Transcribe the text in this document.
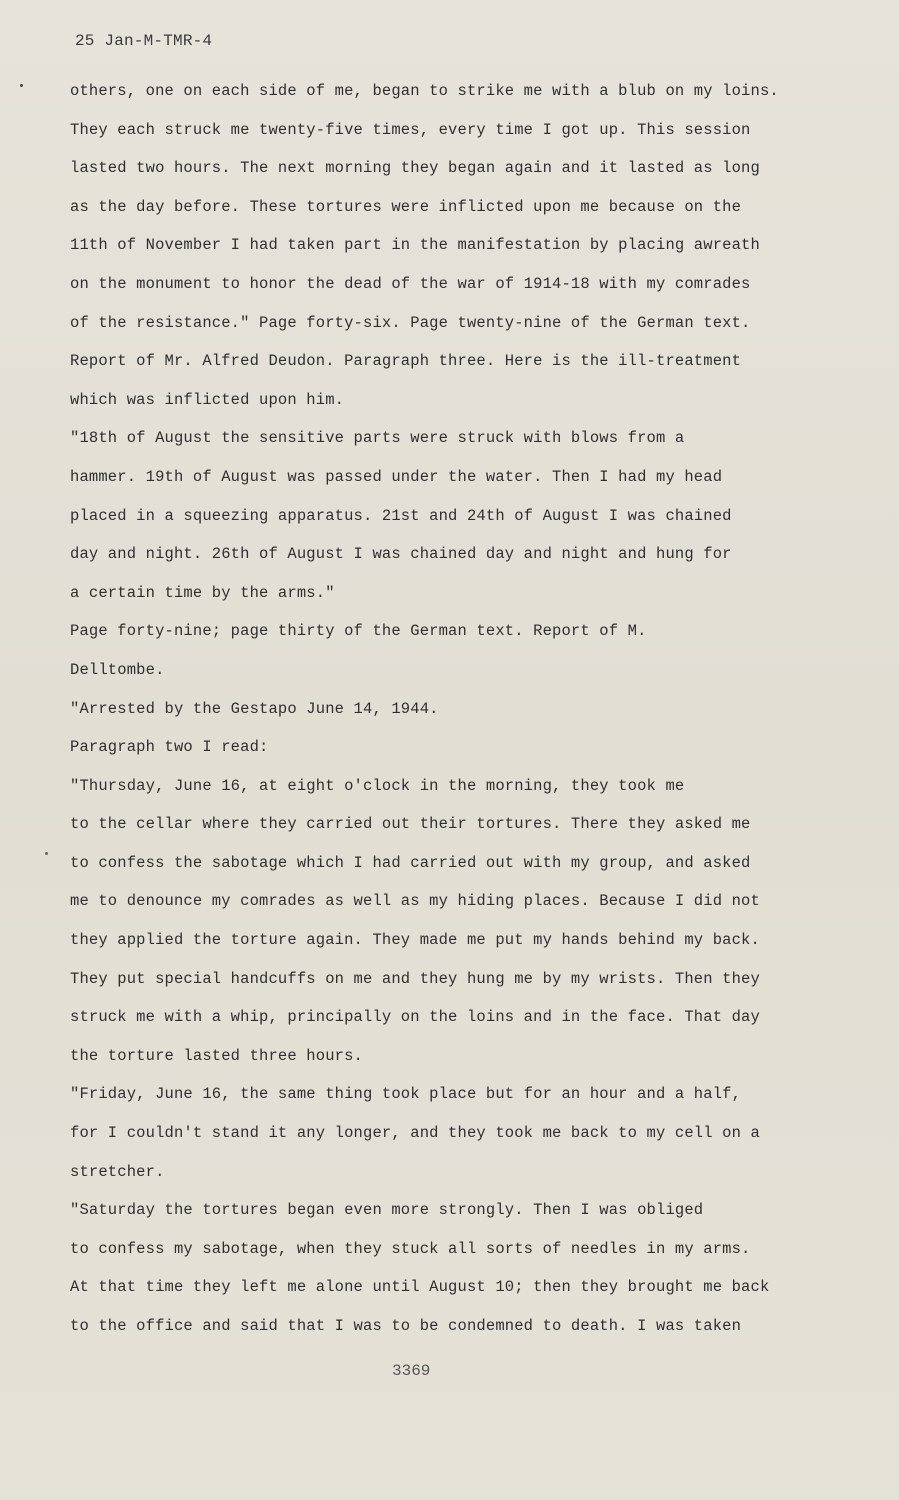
25 Jan-M-TMR-4
others, one on each side of me, began to strike me with a blub on my loins.
They each struck me twenty-five times, every time I got up. This session
lasted two hours. The next morning they began again and it lasted as long
as the day before. These tortures were inflicted upon me because on the
11th of November I had taken part in the manifestation by placing awreath
on the monument to honor the dead of the war of 1914-18 with my comrades
of the resistance." Page forty-six. Page twenty-nine of the German text.
Report of Mr. Alfred Deudon. Paragraph three. Here is the ill-treatment
which was inflicted upon him.
"18th of August the sensitive parts were struck with blows from a
hammer. 19th of August was passed under the water. Then I had my head
placed in a squeezing apparatus. 21st and 24th of August I was chained
day and night. 26th of August I was chained day and night and hung for
a certain time by the arms."
Page forty-nine; page thirty of the German text. Report of M.
Delltombe.
"Arrested by the Gestapo June 14, 1944.
Paragraph two I read:
"Thursday, June 16, at eight o'clock in the morning, they took me
to the cellar where they carried out their tortures. There they asked me
to confess the sabotage which I had carried out with my group, and asked
me to denounce my comrades as well as my hiding places. Because I did not
they applied the torture again. They made me put my hands behind my back.
They put special handcuffs on me and they hung me by my wrists. Then they
struck me with a whip, principally on the loins and in the face. That day
the torture lasted three hours.
"Friday, June 16, the same thing took place but for an hour and a half,
for I couldn't stand it any longer, and they took me back to my cell on a
stretcher.
"Saturday the tortures began even more strongly. Then I was obliged
to confess my sabotage, when they stuck all sorts of needles in my arms.
At that time they left me alone until August 10; then they brought me back
to the office and said that I was to be condemned to death. I was taken
3369
